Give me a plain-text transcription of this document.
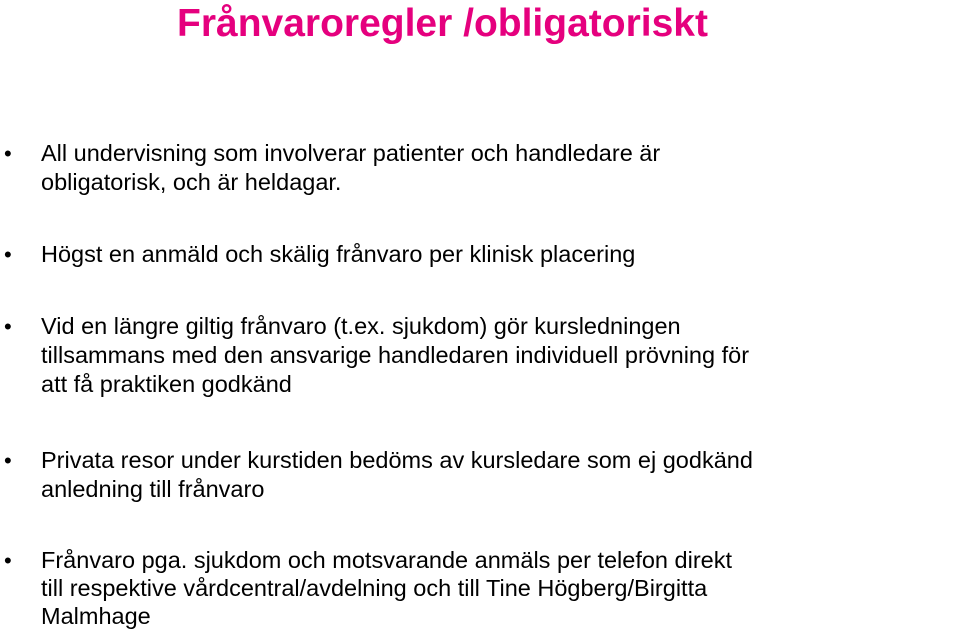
Frånvaroregler /obligatoriskt
• All undervisning som involverar patienter och handledare är
obligatorisk, och är heldagar.
• Högst en anmäld och skälig frånvaro per klinisk placering
• Vid en längre giltig frånvaro (t.ex. sjukdom) gör kursledningen
tillsammans med den ansvarige handledaren individuell prövning för
att få praktiken godkänd
• Privata resor under kurstiden bedöms av kursledare som ej godkänd
anledning till frånvaro
• Frånvaro pga. sjukdom och motsvarande anmäls per telefon direkt
till respektive vårdcentral/avdelning och till Tine Högberg/Birgitta
Malmhage
